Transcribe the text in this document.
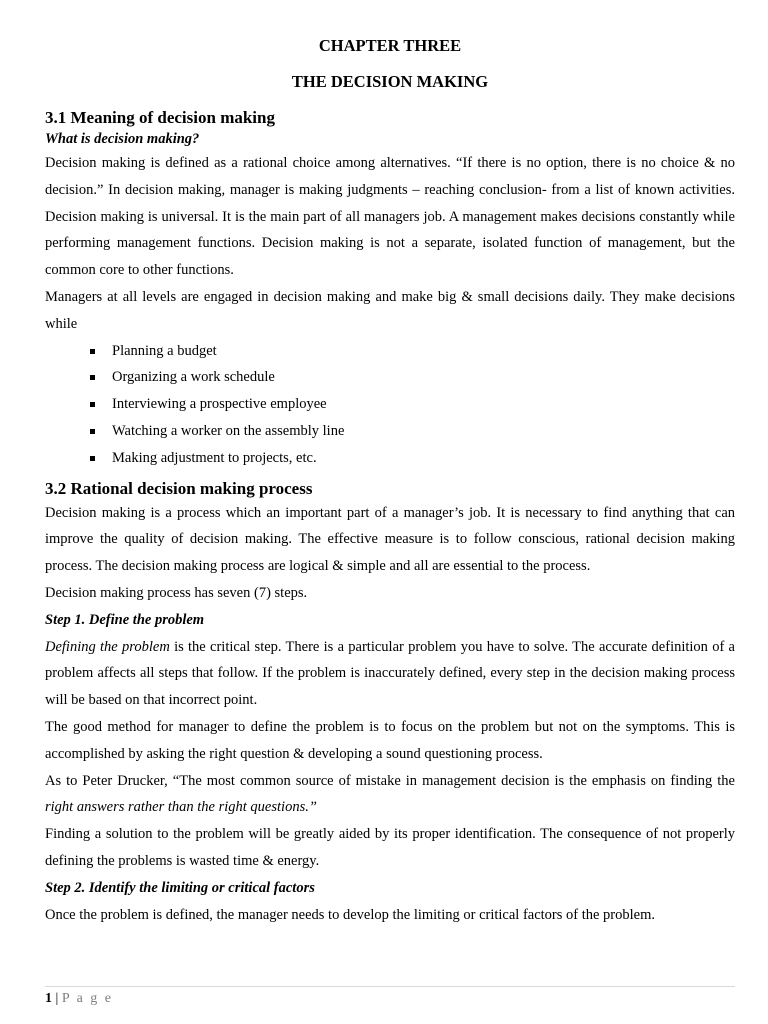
CHAPTER THREE
THE DECISION MAKING
3.1 Meaning of decision making
What is decision making?

Decision making is defined as a rational choice among alternatives. “If there is no option, there is no choice & no decision.” In decision making, manager is making judgments – reaching conclusion- from a list of known activities. Decision making is universal. It is the main part of all managers job. A management makes decisions constantly while performing management functions. Decision making is not a separate, isolated function of management, but the common core to other functions.

Managers at all levels are engaged in decision making and make big & small decisions daily. They make decisions while

Planning a budget
Organizing a work schedule
Interviewing a prospective employee
Watching a worker on the assembly line
Making adjustment to projects, etc.
3.2 Rational decision making process

Decision making is a process which an important part of a manager’s job. It is necessary to find anything that can improve the quality of decision making. The effective measure is to follow conscious, rational decision making process. The decision making process are logical & simple and all are essential to the process.

Decision making process has seven (7) steps.

Step 1. Define the problem

Defining the problem is the critical step. There is a particular problem you have to solve. The accurate definition of a problem affects all steps that follow. If the problem is inaccurately defined, every step in the decision making process will be based on that incorrect point.

The good method for manager to define the problem is to focus on the problem but not on the symptoms. This is accomplished by asking the right question & developing a sound questioning process.

As to Peter Drucker, “The most common source of mistake in management decision is the emphasis on finding the right answers rather than the right questions.”

Finding a solution to the problem will be greatly aided by its proper identification. The consequence of not properly defining the problems is wasted time & energy.

Step 2. Identify the limiting or critical factors

Once the problem is defined, the manager needs to develop the limiting or critical factors of the problem.

1 | P a g e
